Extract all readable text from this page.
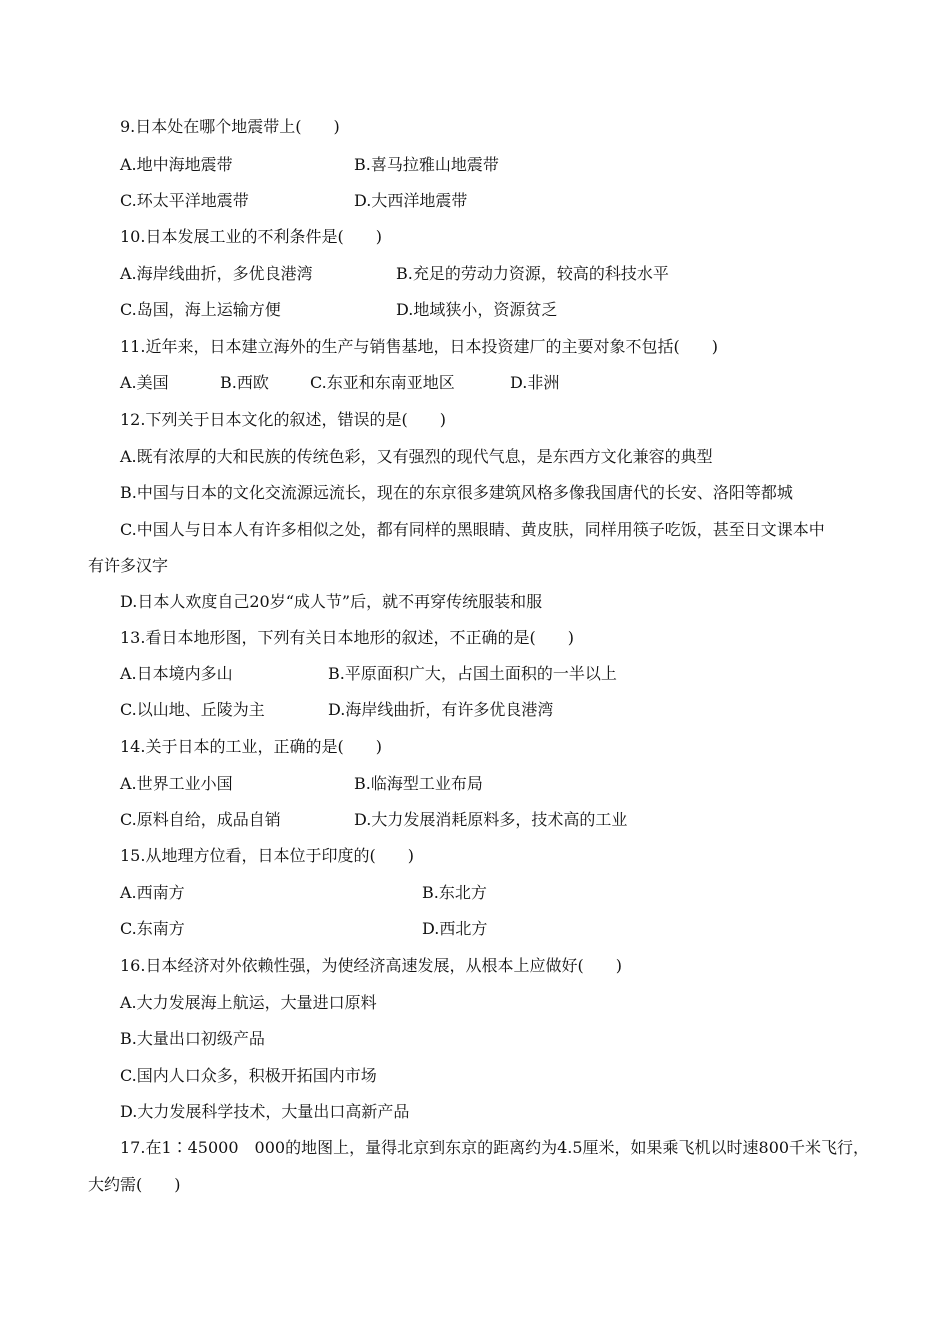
9.日本处在哪个地震带上(　　)
A.地中海地震带	B.喜马拉雅山地震带
C.环太平洋地震带	D.大西洋地震带
10.日本发展工业的不利条件是(　　)
A.海岸线曲折，多优良港湾	B.充足的劳动力资源，较高的科技水平
C.岛国，海上运输方便	D.地域狭小，资源贫乏
11.近年来，日本建立海外的生产与销售基地，日本投资建厂的主要对象不包括(　　)
A.美国	B.西欧	C.东亚和东南亚地区	D.非洲
12.下列关于日本文化的叙述，错误的是(　　)
A.既有浓厚的大和民族的传统色彩，又有强烈的现代气息，是东西方文化兼容的典型
B.中国与日本的文化交流源远流长，现在的东京很多建筑风格多像我国唐代的长安、洛阳等都城
C.中国人与日本人有许多相似之处，都有同样的黑眼睛、黄皮肤，同样用筷子吃饭，甚至日文课本中
有许多汉字
D.日本人欢度自己20岁“成人节”后，就不再穿传统服装和服
13.看日本地形图，下列有关日本地形的叙述，不正确的是(　　)
A.日本境内多山	B.平原面积广大，占国土面积的一半以上
C.以山地、丘陵为主	D.海岸线曲折，有许多优良港湾
14.关于日本的工业，正确的是(　　)
A.世界工业小国	B.临海型工业布局
C.原料自给，成品自销	D.大力发展消耗原料多，技术高的工业
15.从地理方位看，日本位于印度的(　　)
A.西南方	B.东北方
C.东南方	D.西北方
16.日本经济对外依赖性强，为使经济高速发展，从根本上应做好(　　)
A.大力发展海上航运，大量进口原料
B.大量出口初级产品
C.国内人口众多，积极开拓国内市场
D.大力发展科学技术，大量出口高新产品
17.在1∶45000　000的地图上，量得北京到东京的距离约为4.5厘米，如果乘飞机以时速800千米飞行，
大约需(　　)
